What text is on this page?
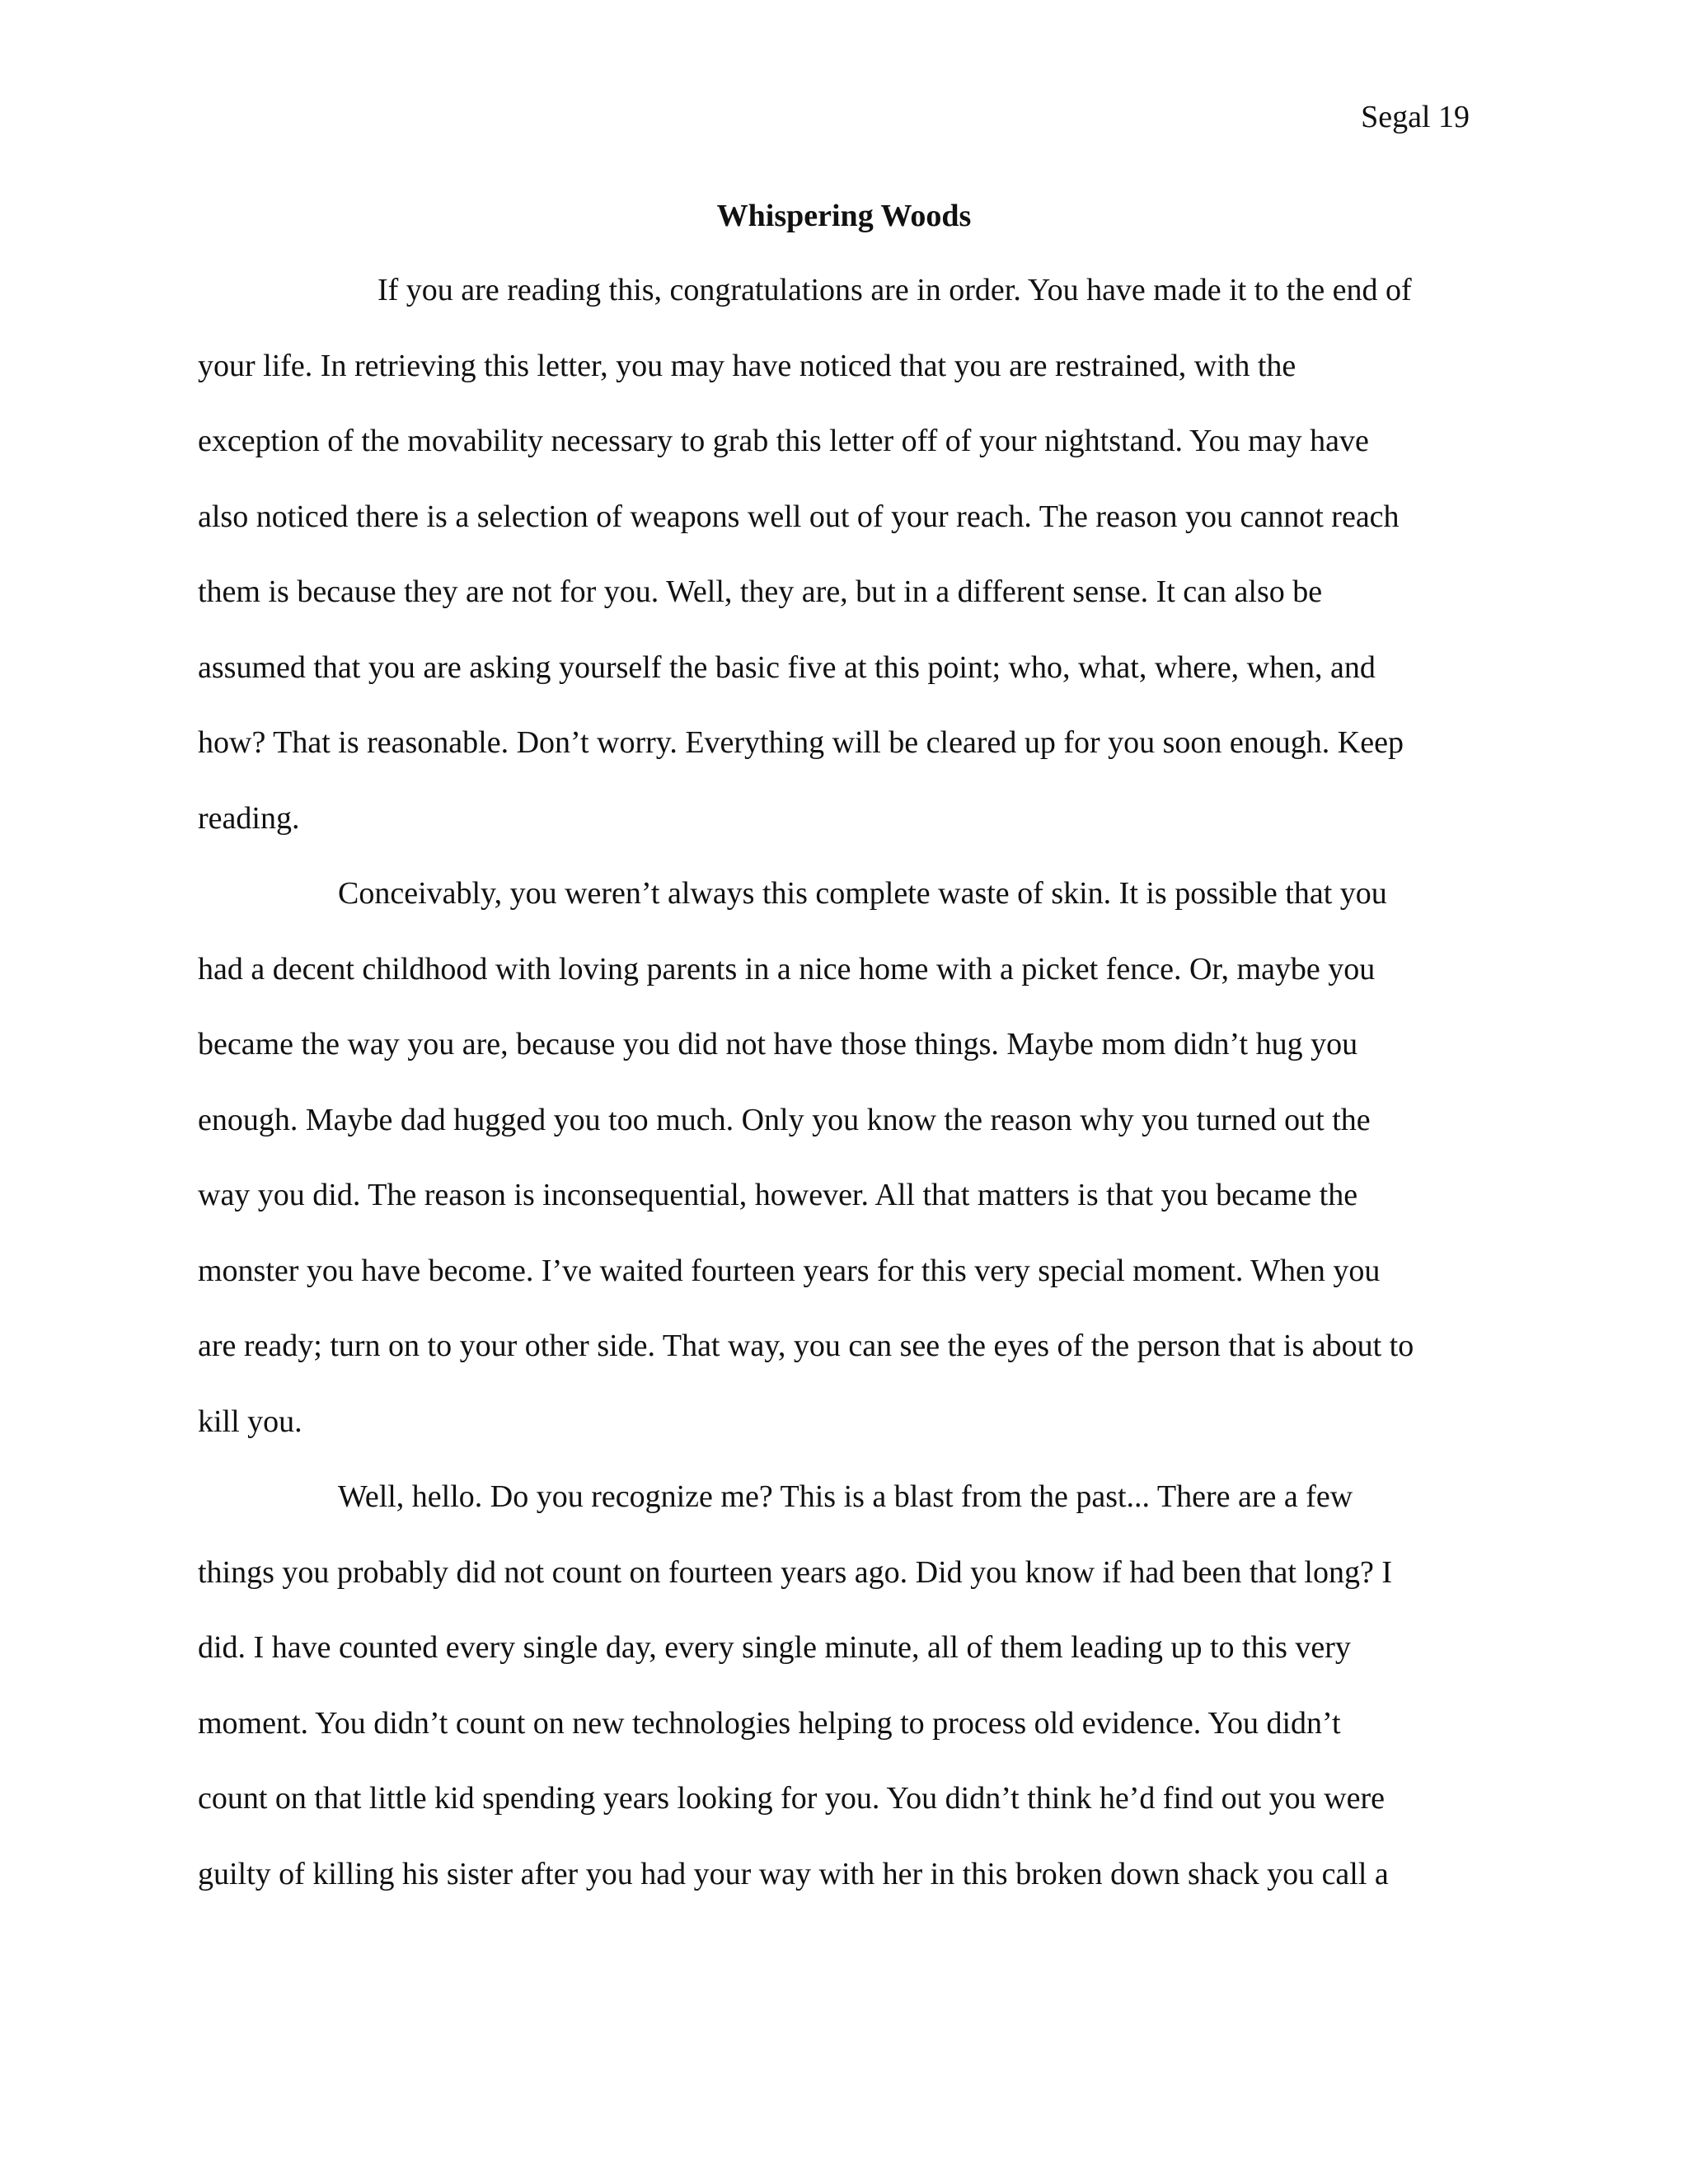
Segal 19
Whispering Woods
If you are reading this, congratulations are in order. You have made it to the end of
your life. In retrieving this letter, you may have noticed that you are restrained, with the
exception of the movability necessary to grab this letter off of your nightstand. You may have
also noticed there is a selection of weapons well out of your reach. The reason you cannot reach
them is because they are not for you. Well, they are, but in a different sense. It can also be
assumed that you are asking yourself the basic five at this point; who, what, where, when, and
how? That is reasonable. Don’t worry. Everything will be cleared up for you soon enough. Keep
reading.
Conceivably, you weren’t always this complete waste of skin. It is possible that you
had a decent childhood with loving parents in a nice home with a picket fence. Or, maybe you
became the way you are, because you did not have those things. Maybe mom didn’t hug you
enough. Maybe dad hugged you too much. Only you know the reason why you turned out the
way you did. The reason is inconsequential, however. All that matters is that you became the
monster you have become. I’ve waited fourteen years for this very special moment. When you
are ready; turn on to your other side. That way, you can see the eyes of the person that is about to
kill you.
Well, hello. Do you recognize me? This is a blast from the past... There are a few
things you probably did not count on fourteen years ago. Did you know if had been that long? I
did. I have counted every single day, every single minute, all of them leading up to this very
moment. You didn’t count on new technologies helping to process old evidence. You didn’t
count on that little kid spending years looking for you. You didn’t think he’d find out you were
guilty of killing his sister after you had your way with her in this broken down shack you call a
